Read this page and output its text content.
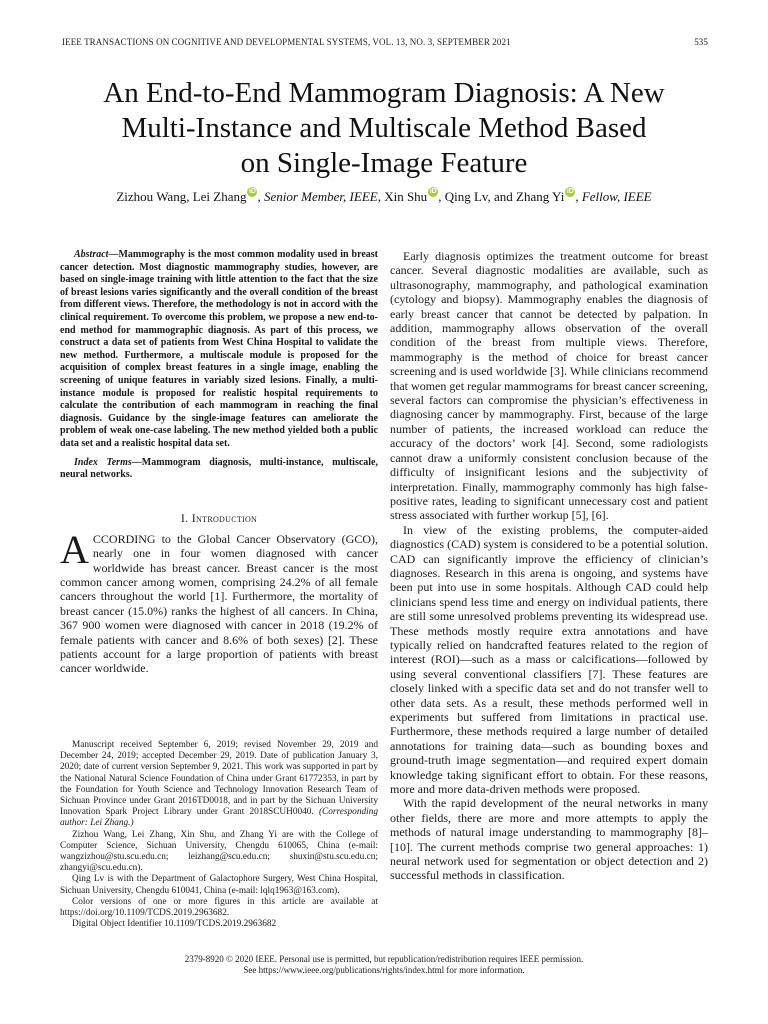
IEEE TRANSACTIONS ON COGNITIVE AND DEVELOPMENTAL SYSTEMS, VOL. 13, NO. 3, SEPTEMBER 2021	535
An End-to-End Mammogram Diagnosis: A New
Multi-Instance and Multiscale Method Based
on Single-Image Feature
Zizhou Wang, Lei Zhang iD , Senior Member, IEEE, Xin Shu iD , Qing Lv, and Zhang Yi iD , Fellow, IEEE

Abstract—Mammography is the most common modality used in breast cancer detection. Most diagnostic mammography studies, however, are based on single-image training with little attention to the fact that the size of breast lesions varies significantly and the overall condition of the breast from different views. Therefore, the methodology is not in accord with the clinical requirement. To overcome this problem, we propose a new end-to-end method for mammographic diagnosis. As part of this process, we construct a data set of patients from West China Hospital to validate the new method. Furthermore, a multiscale module is proposed for the acquisition of complex breast features in a single image, enabling the screening of unique features in variably sized lesions. Finally, a multi-instance module is proposed for realistic hospital requirements to calculate the contribution of each mammogram in reaching the final diagnosis. Guidance by the single-image features can ameliorate the problem of weak one-case labeling. The new method yielded both a public data set and a realistic hospital data set.

Index Terms—Mammogram diagnosis, multi-instance, multiscale, neural networks.

I. Introduction

ACCORDING to the Global Cancer Observatory (GCO), nearly one in four women diagnosed with cancer worldwide has breast cancer. Breast cancer is the most common cancer among women, comprising 24.2% of all female cancers throughout the world [1]. Furthermore, the mortality of breast cancer (15.0%) ranks the highest of all cancers. In China, 367 900 women were diagnosed with cancer in 2018 (19.2% of female patients with cancer and 8.6% of both sexes) [2]. These patients account for a large proportion of patients with breast cancer worldwide.

Manuscript received September 6, 2019; revised November 29, 2019 and December 24, 2019; accepted December 29, 2019. Date of publication January 3, 2020; date of current version September 9, 2021. This work was supported in part by the National Natural Science Foundation of China under Grant 61772353, in part by the Foundation for Youth Science and Technology Innovation Research Team of Sichuan Province under Grant 2016TD0018, and in part by the Sichuan University Innovation Spark Project Library under Grant 2018SCUH0040. (Corresponding author: Lei Zhang.)

Zizhou Wang, Lei Zhang, Xin Shu, and Zhang Yi are with the College of Computer Science, Sichuan University, Chengdu 610065, China (e-mail: wangzizhou@stu.scu.edu.cn; leizhang@scu.edu.cn; shuxin@stu.scu.edu.cn; zhangyi@scu.edu.cn).

Qing Lv is with the Department of Galactophore Surgery, West China Hospital, Sichuan University, Chengdu 610041, China (e-mail: lqlq1963@163.com).

Color versions of one or more figures in this article are available at https://doi.org/10.1109/TCDS.2019.2963682.

Digital Object Identifier 10.1109/TCDS.2019.2963682

Early diagnosis optimizes the treatment outcome for breast cancer. Several diagnostic modalities are available, such as ultrasonography, mammography, and pathological examination (cytology and biopsy). Mammography enables the diagnosis of early breast cancer that cannot be detected by palpation. In addition, mammography allows observation of the overall condition of the breast from multiple views. Therefore, mammography is the method of choice for breast cancer screening and is used worldwide [3]. While clinicians recommend that women get regular mammograms for breast cancer screening, several factors can compromise the physician’s effectiveness in diagnosing cancer by mammography. First, because of the large number of patients, the increased workload can reduce the accuracy of the doctors’ work [4]. Second, some radiologists cannot draw a uniformly consistent conclusion because of the difficulty of insignificant lesions and the subjectivity of interpretation. Finally, mammography commonly has high false-positive rates, leading to significant unnecessary cost and patient stress associated with further workup [5], [6].

In view of the existing problems, the computer-aided diagnostics (CAD) system is considered to be a potential solution. CAD can significantly improve the efficiency of clinician’s diagnoses. Research in this arena is ongoing, and systems have been put into use in some hospitals. Although CAD could help clinicians spend less time and energy on individual patients, there are still some unresolved problems preventing its widespread use. These methods mostly require extra annotations and have typically relied on handcrafted features related to the region of interest (ROI)—such as a mass or calcifications—followed by using several conventional classifiers [7]. These features are closely linked with a specific data set and do not transfer well to other data sets. As a result, these methods performed well in experiments but suffered from limitations in practical use. Furthermore, these methods required a large number of detailed annotations for training data—such as bounding boxes and ground-truth image segmentation—and required expert domain knowledge taking significant effort to obtain. For these reasons, more and more data-driven methods were proposed.

With the rapid development of the neural networks in many other fields, there are more and more attempts to apply the methods of natural image understanding to mammography [8]–[10]. The current methods comprise two general approaches: 1) neural network used for segmentation or object detection and 2) successful methods in classification.

2379-8920 © 2020 IEEE. Personal use is permitted, but republication/redistribution requires IEEE permission.
See https://www.ieee.org/publications/rights/index.html for more information.
